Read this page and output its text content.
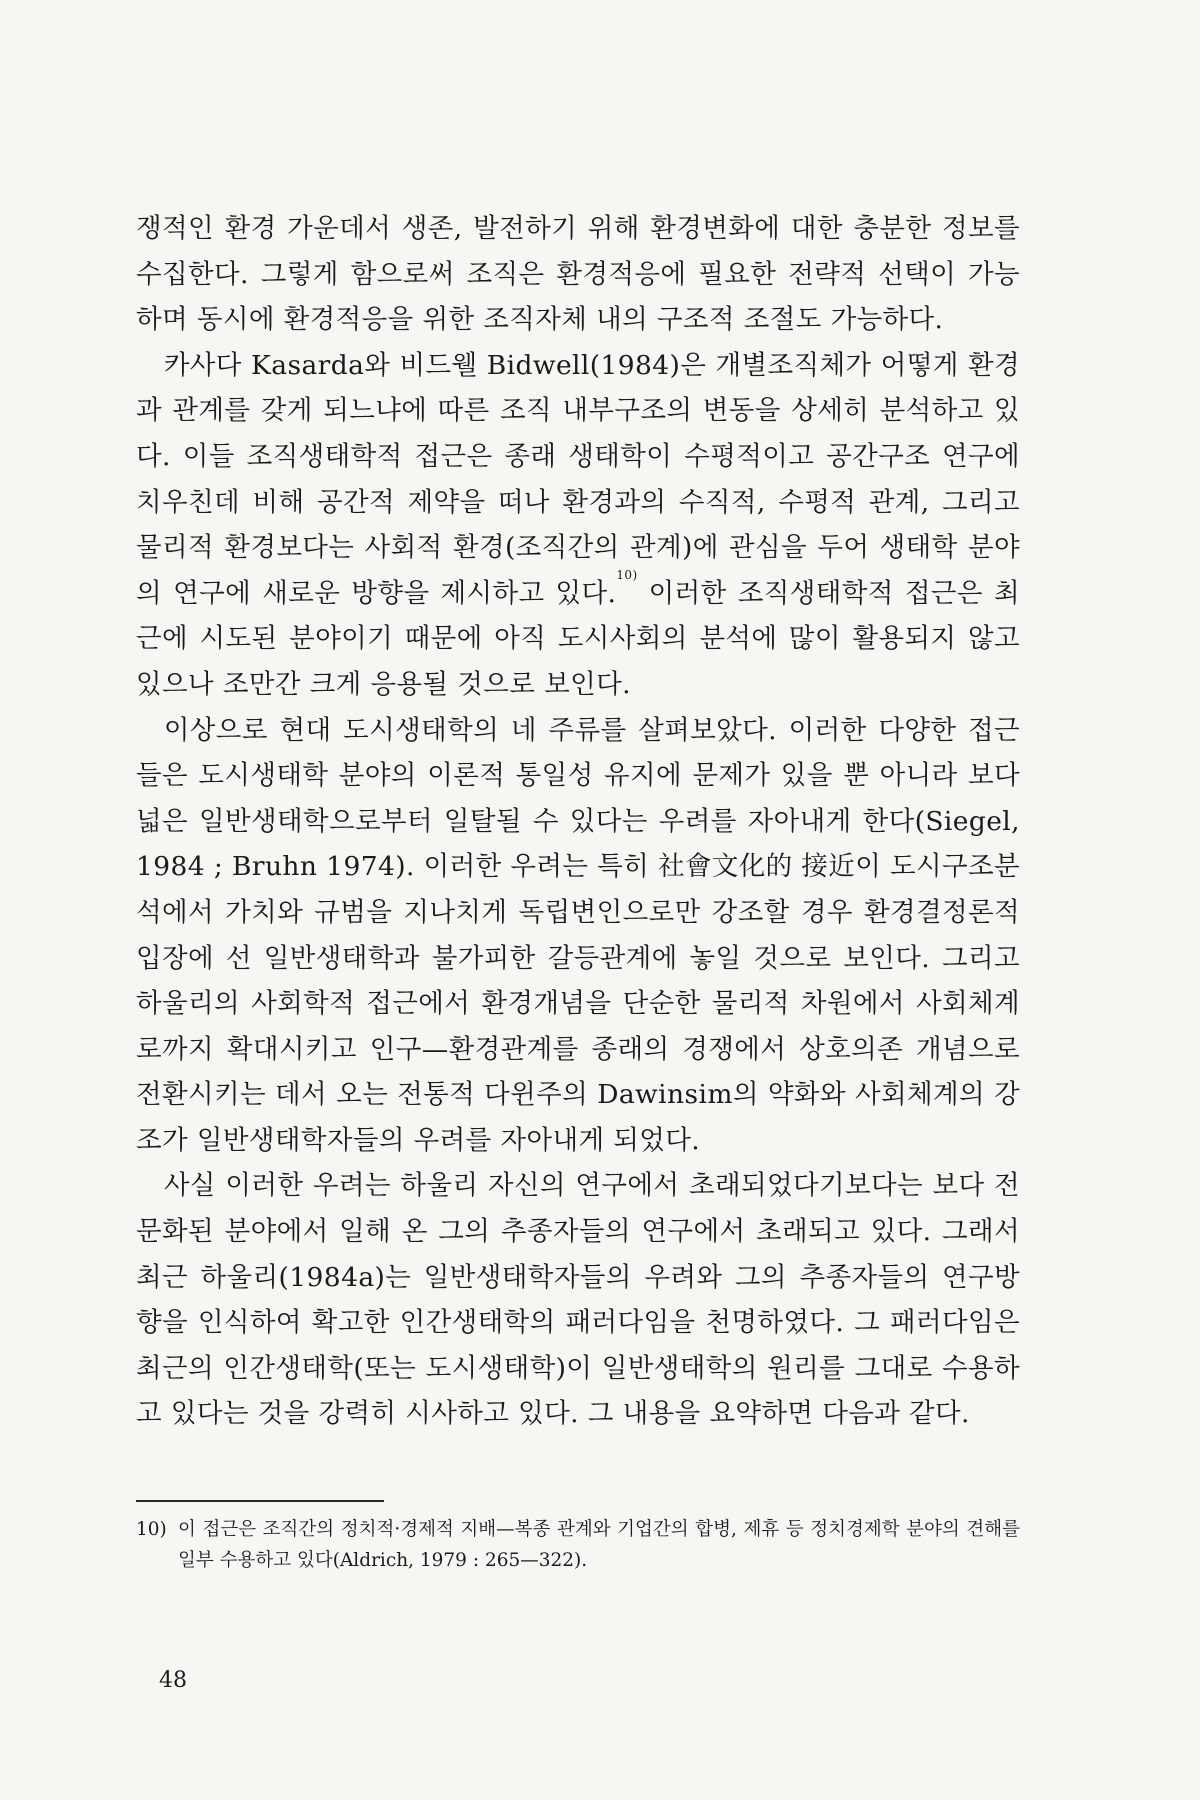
쟁적인 환경 가운데서 생존, 발전하기 위해 환경변화에 대한 충분한 정보를 수집한다. 그렇게 함으로써 조직은 환경적응에 필요한 전략적 선택이 가능하며 동시에 환경적응을 위한 조직자체 내의 구조적 조절도 가능하다.

카사다 Kasarda와 비드웰 Bidwell(1984)은 개별조직체가 어떻게 환경과 관계를 갖게 되느냐에 따른 조직 내부구조의 변동을 상세히 분석하고 있다. 이들 조직생태학적 접근은 종래 생태학이 수평적이고 공간구조 연구에 치우친데 비해 공간적 제약을 떠나 환경과의 수직적, 수평적 관계, 그리고 물리적 환경보다는 사회적 환경(조직간의 관계)에 관심을 두어 생태학 분야의 연구에 새로운 방향을 제시하고 있다.$^{10)}$ 이러한 조직생태학적 접근은 최근에 시도된 분야이기 때문에 아직 도시사회의 분석에 많이 활용되지 않고 있으나 조만간 크게 응용될 것으로 보인다.

이상으로 현대 도시생태학의 네 주류를 살펴보았다. 이러한 다양한 접근들은 도시생태학 분야의 이론적 통일성 유지에 문제가 있을 뿐 아니라 보다 넓은 일반생태학으로부터 일탈될 수 있다는 우려를 자아내게 한다(Siegel, 1984 ; Bruhn 1974). 이러한 우려는 특히 社會文化的 接近이 도시구조분석에서 가치와 규범을 지나치게 독립변인으로만 강조할 경우 환경결정론적 입장에 선 일반생태학과 불가피한 갈등관계에 놓일 것으로 보인다. 그리고 하울리의 사회학적 접근에서 환경개념을 단순한 물리적 차원에서 사회체계로까지 확대시키고 인구—환경관계를 종래의 경쟁에서 상호의존 개념으로 전환시키는 데서 오는 전통적 다윈주의 Dawinsim의 약화와 사회체계의 강조가 일반생태학자들의 우려를 자아내게 되었다.

사실 이러한 우려는 하울리 자신의 연구에서 초래되었다기보다는 보다 전문화된 분야에서 일해 온 그의 추종자들의 연구에서 초래되고 있다. 그래서 최근 하울리(1984a)는 일반생태학자들의 우려와 그의 추종자들의 연구방향을 인식하여 확고한 인간생태학의 패러다임을 천명하였다. 그 패러다임은 최근의 인간생태학(또는 도시생태학)이 일반생태학의 원리를 그대로 수용하고 있다는 것을 강력히 시사하고 있다. 그 내용을 요약하면 다음과 같다.

10) 이 접근은 조직간의 정치적·경제적 지배—복종 관계와 기업간의 합병, 제휴 등 정치경제학 분야의 견해를 일부 수용하고 있다(Aldrich, 1979 : 265—322).
48
